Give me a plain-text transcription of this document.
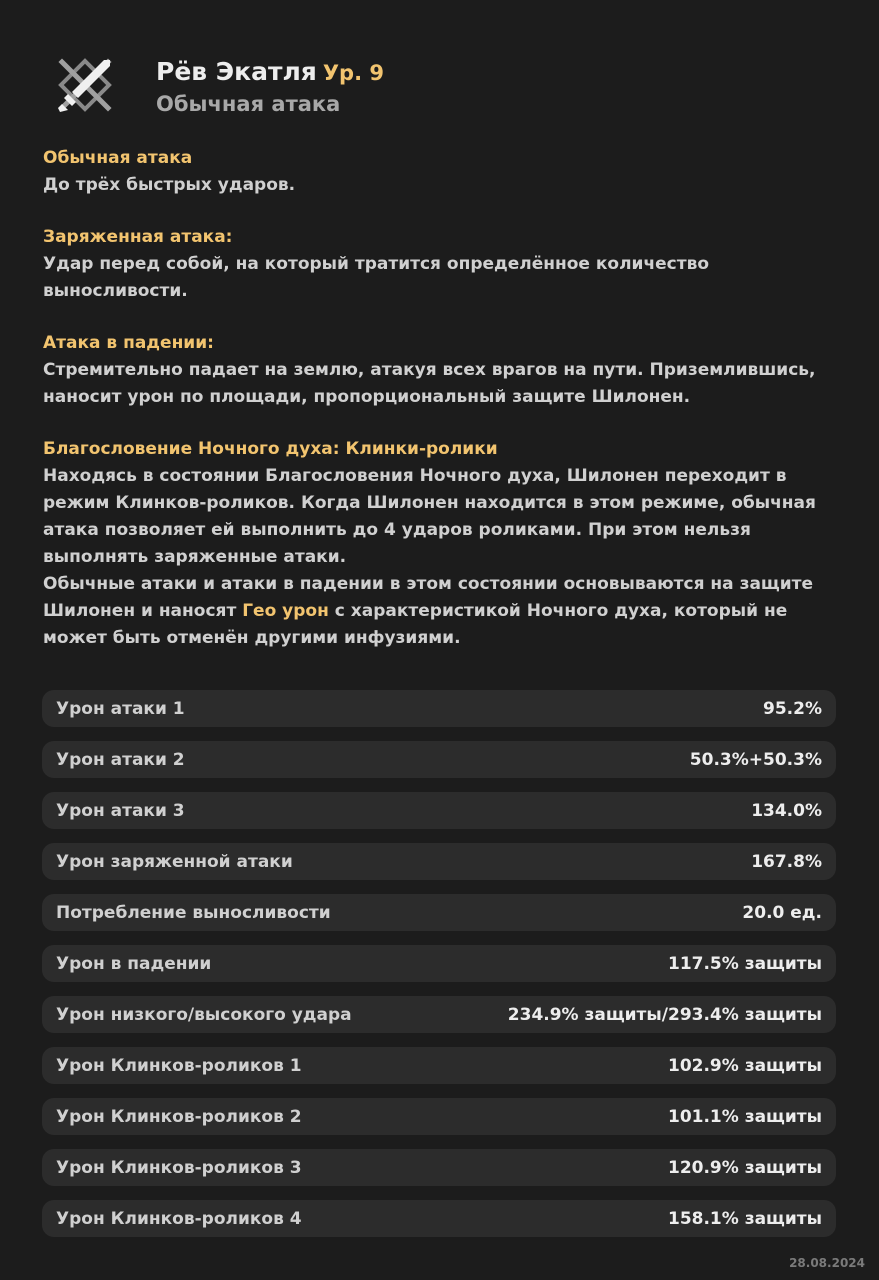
Рёв Экатля Ур. 9
Обычная атака
Обычная атака
До трёх быстрых ударов.
Заряженная атака:
Удар перед собой, на который тратится определённое количество выносливости.
Атака в падении:
Стремительно падает на землю, атакуя всех врагов на пути. Приземлившись, наносит урон по площади, пропорциональный защите Шилонен.
Благословение Ночного духа: Клинки-ролики
Находясь в состоянии Благословения Ночного духа, Шилонен переходит в режим Клинков-роликов. Когда Шилонен находится в этом режиме, обычная атака позволяет ей выполнить до 4 ударов роликами. При этом нельзя выполнять заряженные атаки.
Обычные атаки и атаки в падении в этом состоянии основываются на защите Шилонен и наносят Гео урон с характеристикой Ночного духа, который не может быть отменён другими инфузиями.
Урон атаки 1	95.2%
Урон атаки 2	50.3%+50.3%
Урон атаки 3	134.0%
Урон заряженной атаки	167.8%
Потребление выносливости	20.0 ед.
Урон в падении	117.5% защиты
Урон низкого/высокого удара	234.9% защиты/293.4% защиты
Урон Клинков-роликов 1	102.9% защиты
Урон Клинков-роликов 2	101.1% защиты
Урон Клинков-роликов 3	120.9% защиты
Урон Клинков-роликов 4	158.1% защиты
28.08.2024
